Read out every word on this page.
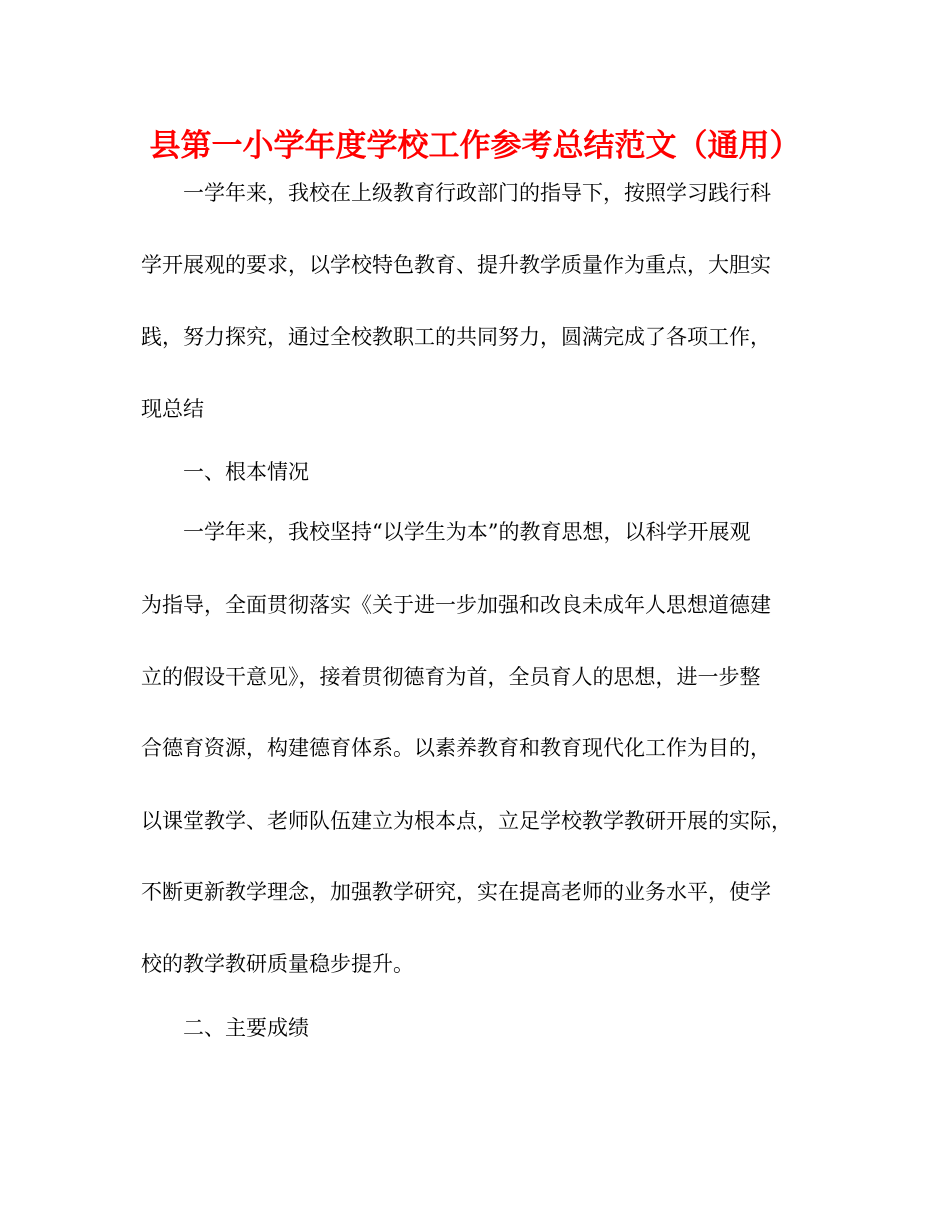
县第一小学年度学校工作参考总结范文（通用）
一学年来，我校在上级教育行政部门的指导下，按照学习践行科
学开展观的要求，以学校特色教育、提升教学质量作为重点，大胆实
践，努力探究，通过全校教职工的共同努力，圆满完成了各项工作，
现总结
一、根本情况
一学年来，我校坚持“以学生为本”的教育思想，以科学开展观
为指导，全面贯彻落实《关于进一步加强和改良未成年人思想道德建
立的假设干意见》，接着贯彻德育为首，全员育人的思想，进一步整
合德育资源，构建德育体系。以素养教育和教育现代化工作为目的，
以课堂教学、老师队伍建立为根本点，立足学校教学教研开展的实际，
不断更新教学理念，加强教学研究，实在提高老师的业务水平，使学
校的教学教研质量稳步提升。
二、主要成绩
